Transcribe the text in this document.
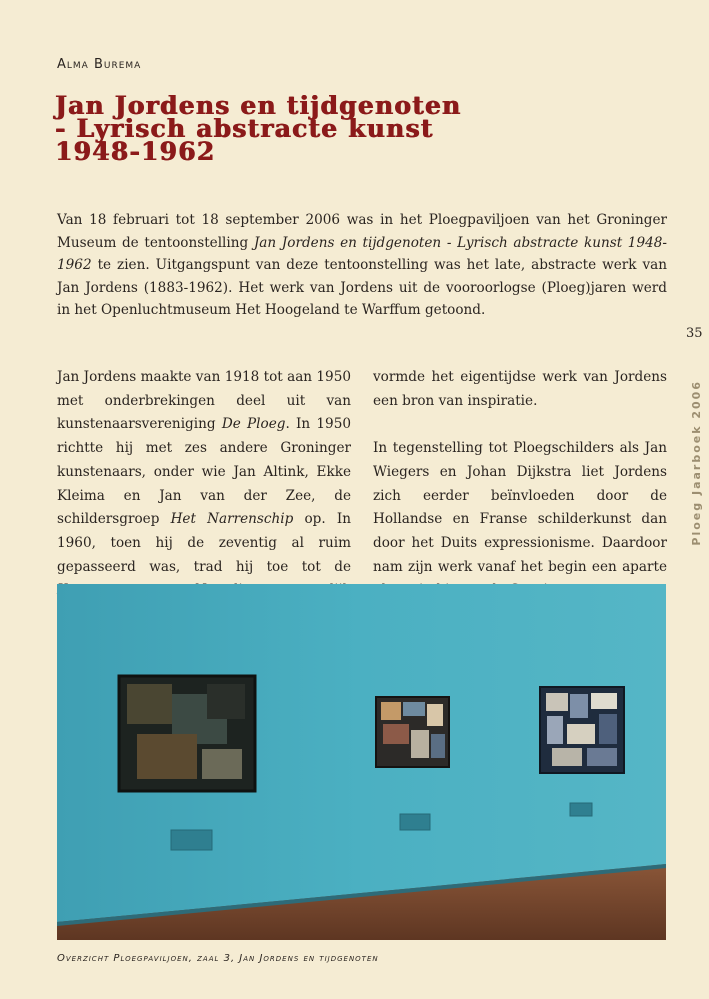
Alma Burema
Jan Jordens en tijdgenoten
- Lyrisch abstracte kunst
1948-1962
Van 18 februari tot 18 september 2006 was in het Ploegpaviljoen van het Groninger Museum de tentoonstelling Jan Jordens en tijdgenoten - Lyrisch abstracte kunst 1948-1962 te zien. Uitgangspunt van deze tentoonstelling was het late, abstracte werk van Jan Jordens (1883-1962). Het werk van Jordens uit de vooroorlogse (Ploeg)jaren werd in het Openluchtmuseum Het Hoogeland te Warffum getoond.
35
Ploeg Jaarboek 2006

Jan Jordens maakte van 1918 tot aan 1950 met onderbrekingen deel uit van kunstenaarsvereniging De Ploeg. In 1950 richtte hij met zes andere Groninger kunstenaars, onder wie Jan Altink, Ekke Kleima en Jan van der Zee, de schildersgroep Het Narrenschip op. In 1960, toen hij de zeventig al ruim gepasseerd was, trad hij toe tot de

vormde het eigentijdse werk van Jordens een bron van inspiratie.

In tegenstelling tot Ploegschilders als Jan Wiegers en Johan Dijkstra liet Jordens zich eerder beïnvloeden door de Hollandse en Franse schilderkunst dan door het Duits expressionisme. Daardoor nam zijn werk vanaf het begin een aparte

Overzicht Ploegpaviljoen, zaal 3, Jan Jordens en tijdgenoten
